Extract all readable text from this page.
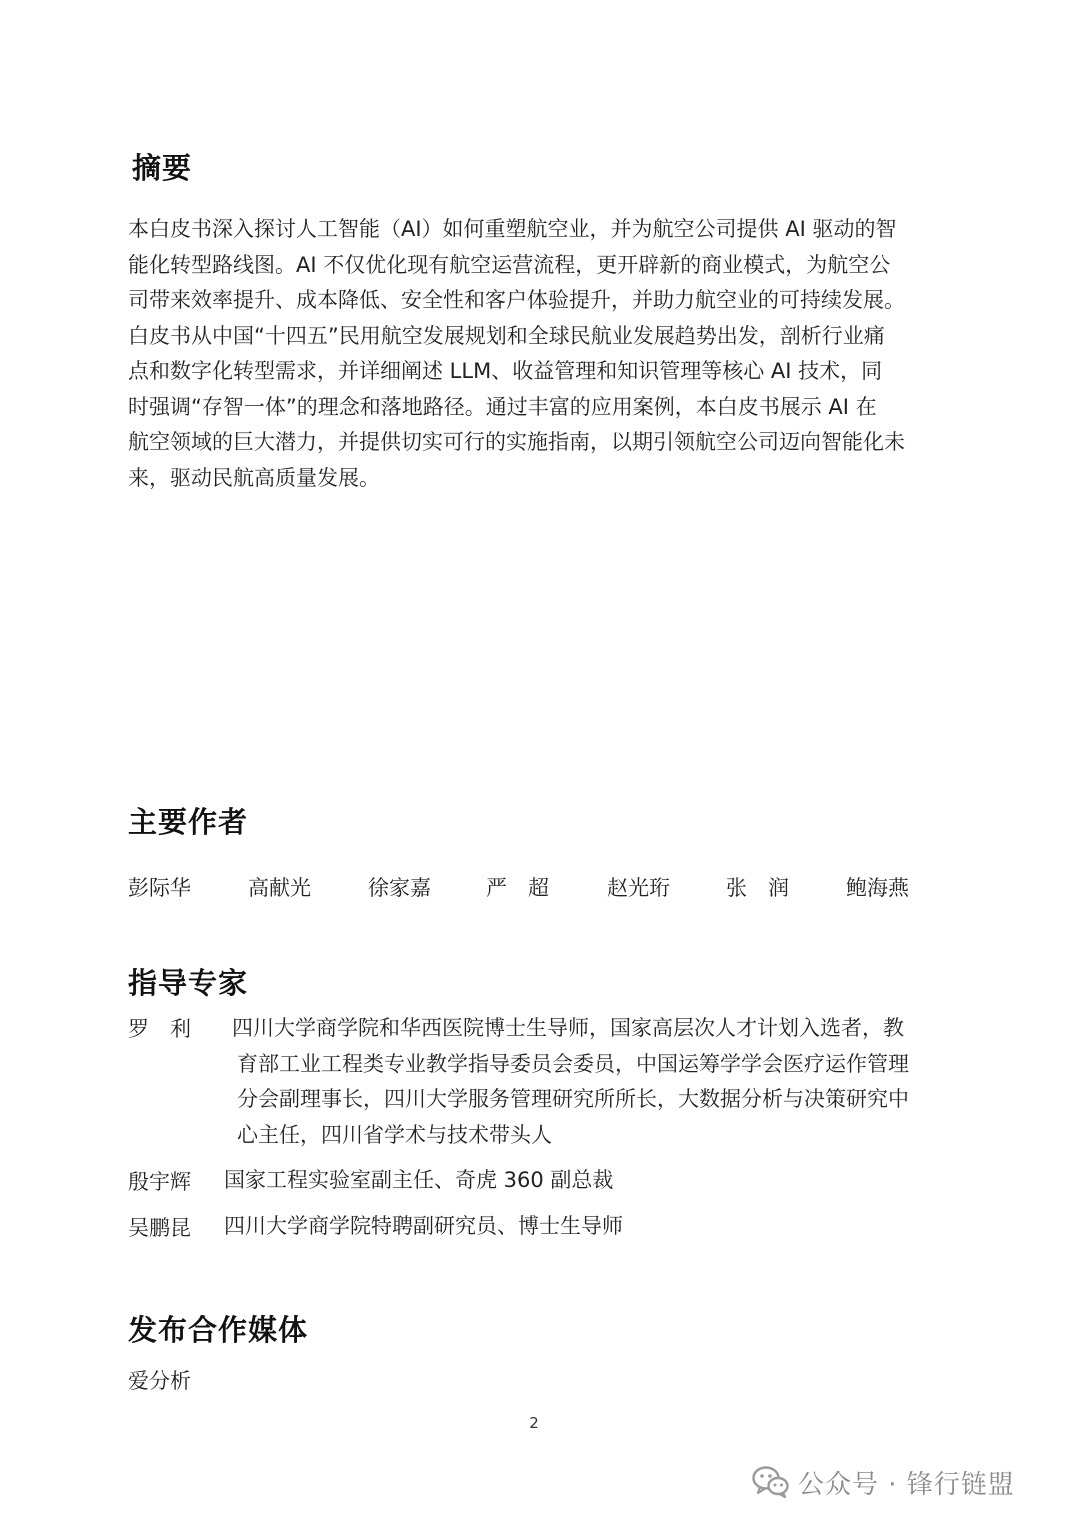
摘要

本白皮书深入探讨人工智能（AI）如何重塑航空业，并为航空公司提供 AI 驱动的智
能化转型路线图。AI 不仅优化现有航空运营流程，更开辟新的商业模式，为航空公
司带来效率提升、成本降低、安全性和客户体验提升，并助力航空业的可持续发展。
白皮书从中国“十四五”民用航空发展规划和全球民航业发展趋势出发，剖析行业痛
点和数字化转型需求，并详细阐述 LLM、收益管理和知识管理等核心 AI 技术，同
时强调“存智一体”的理念和落地路径。通过丰富的应用案例，本白皮书展示 AI 在
航空领域的巨大潜力，并提供切实可行的实施指南，以期引领航空公司迈向智能化未
来，驱动民航高质量发展。

主要作者
彭际华	高献光	徐家嘉	严　超	赵光珩	张　润	鲍海燕
指导专家
罗　利 四川大学商学院和华西医院博士生导师，国家高层次人才计划入选者，教
育部工业工程类专业教学指导委员会委员，中国运筹学学会医疗运作管理
分会副理事长，四川大学服务管理研究所所长，大数据分析与决策研究中
心主任，四川省学术与技术带头人
殷宇辉 国家工程实验室副主任、奇虎 360 副总裁
吴鹏昆 四川大学商学院特聘副研究员、博士生导师
发布合作媒体
爱分析
2
公众号 · 锋行链盟
